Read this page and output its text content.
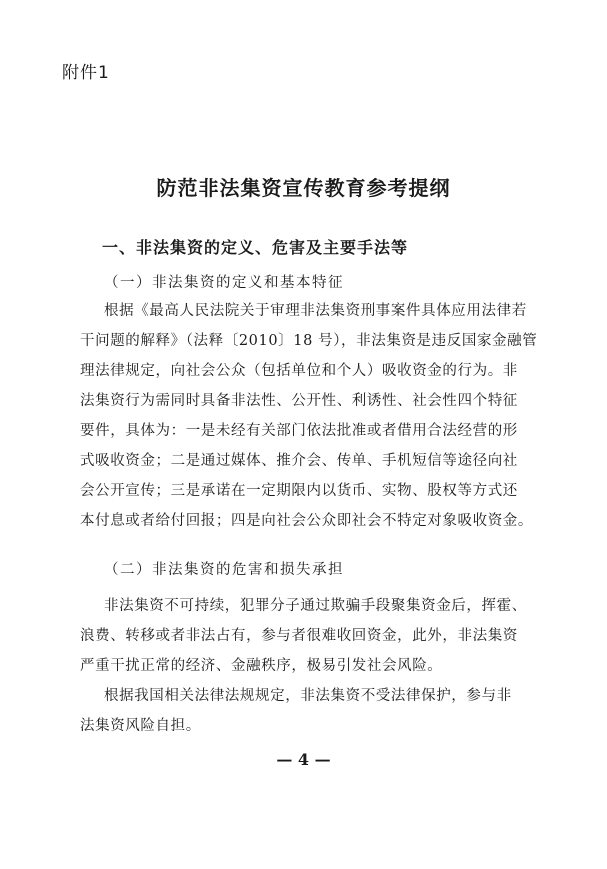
附件1
防范非法集资宣传教育参考提纲
一、非法集资的定义、危害及主要手法等
（一）非法集资的定义和基本特征
根据《最高人民法院关于审理非法集资刑事案件具体应用法律若
干问题的解释》（法释〔2010〕18 号），非法集资是违反国家金融管
理法律规定，向社会公众（包括单位和个人）吸收资金的行为。非
法集资行为需同时具备非法性、公开性、利诱性、社会性四个特征
要件，具体为：一是未经有关部门依法批准或者借用合法经营的形
式吸收资金；二是通过媒体、推介会、传单、手机短信等途径向社
会公开宣传；三是承诺在一定期限内以货币、实物、股权等方式还
本付息或者给付回报；四是向社会公众即社会不特定对象吸收资金。
（二）非法集资的危害和损失承担
非法集资不可持续，犯罪分子通过欺骗手段聚集资金后，挥霍、
浪费、转移或者非法占有，参与者很难收回资金，此外，非法集资
严重干扰正常的经济、金融秩序，极易引发社会风险。
根据我国相关法律法规规定，非法集资不受法律保护，参与非
法集资风险自担。
— 4 —
